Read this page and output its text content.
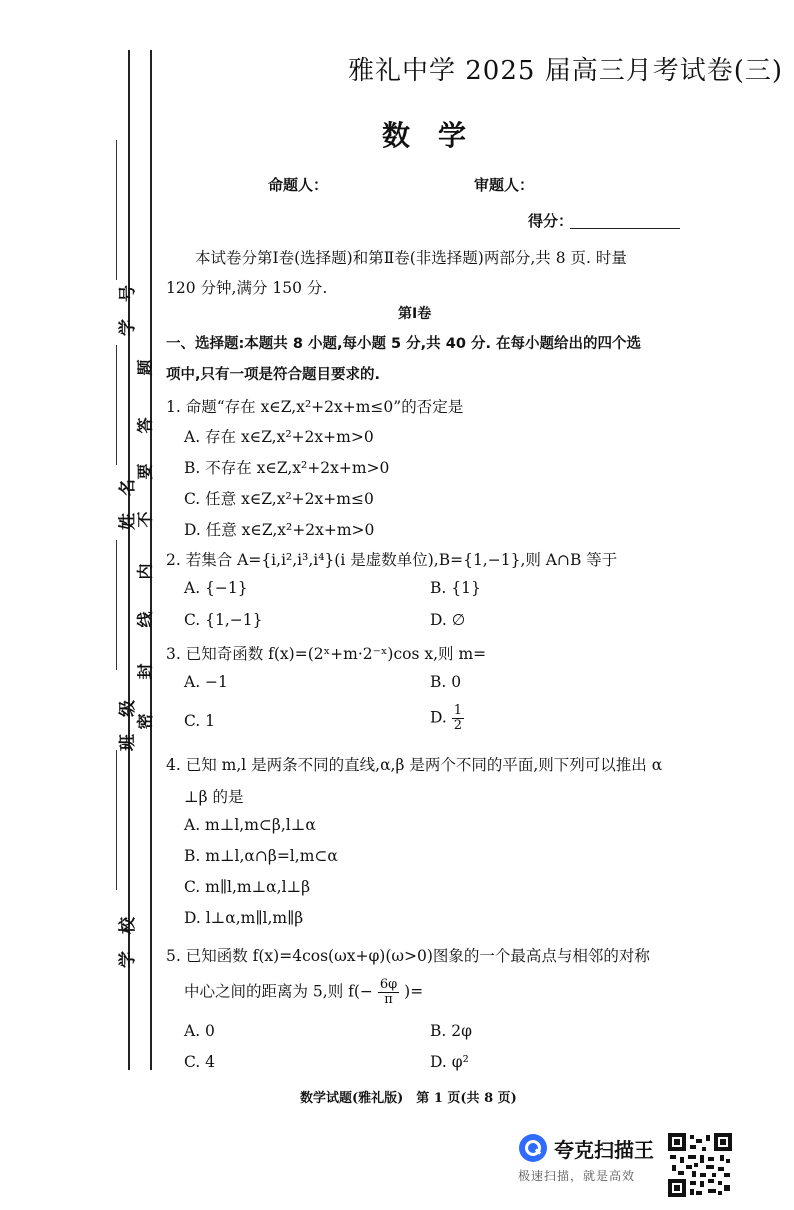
学　号
姓　名
班　级
学　校
题
答
要
不
内
线
封
密
雅礼中学 2025 届高三月考试卷(三)
数学
命题人：	审题人：
得分：
本试卷分第Ⅰ卷(选择题)和第Ⅱ卷(非选择题)两部分,共 8 页. 时量
120 分钟,满分 150 分.
第Ⅰ卷
一、选择题:本题共 8 小题,每小题 5 分,共 40 分. 在每小题给出的四个选
项中,只有一项是符合题目要求的.
1. 命题“存在 x∈Z,x²+2x+m≤0”的否定是
A. 存在 x∈Z,x²+2x+m>0
B. 不存在 x∈Z,x²+2x+m>0
C. 任意 x∈Z,x²+2x+m≤0
D. 任意 x∈Z,x²+2x+m>0
2. 若集合 A={i,i²,i³,i⁴}(i 是虚数单位),B={1,−1},则 A∩B 等于
A. {−1}	B. {1}
C. {1,−1}	D. ∅
3. 已知奇函数 f(x)=(2ˣ+m·2⁻ˣ)cos x,则 m=
A. −1	B. 0
C. 1	D. $\frac{1}{2}$
4. 已知 m,l 是两条不同的直线,α,β 是两个不同的平面,则下列可以推出 α
⊥β 的是
A. m⊥l,m⊂β,l⊥α
B. m⊥l,α∩β=l,m⊂α
C. m∥l,m⊥α,l⊥β
D. l⊥α,m∥l,m∥β
5. 已知函数 f(x)=4cos(ωx+φ)(ω>0)图象的一个最高点与相邻的对称
中心之间的距离为 5,则 $f(- \frac{6\varphi}{\pi}$ )=
A. 0	B. 2φ
C. 4	D. φ²
数学试题(雅礼版)　第 1 页(共 8 页)
夸克扫描王
极速扫描，就是高效
